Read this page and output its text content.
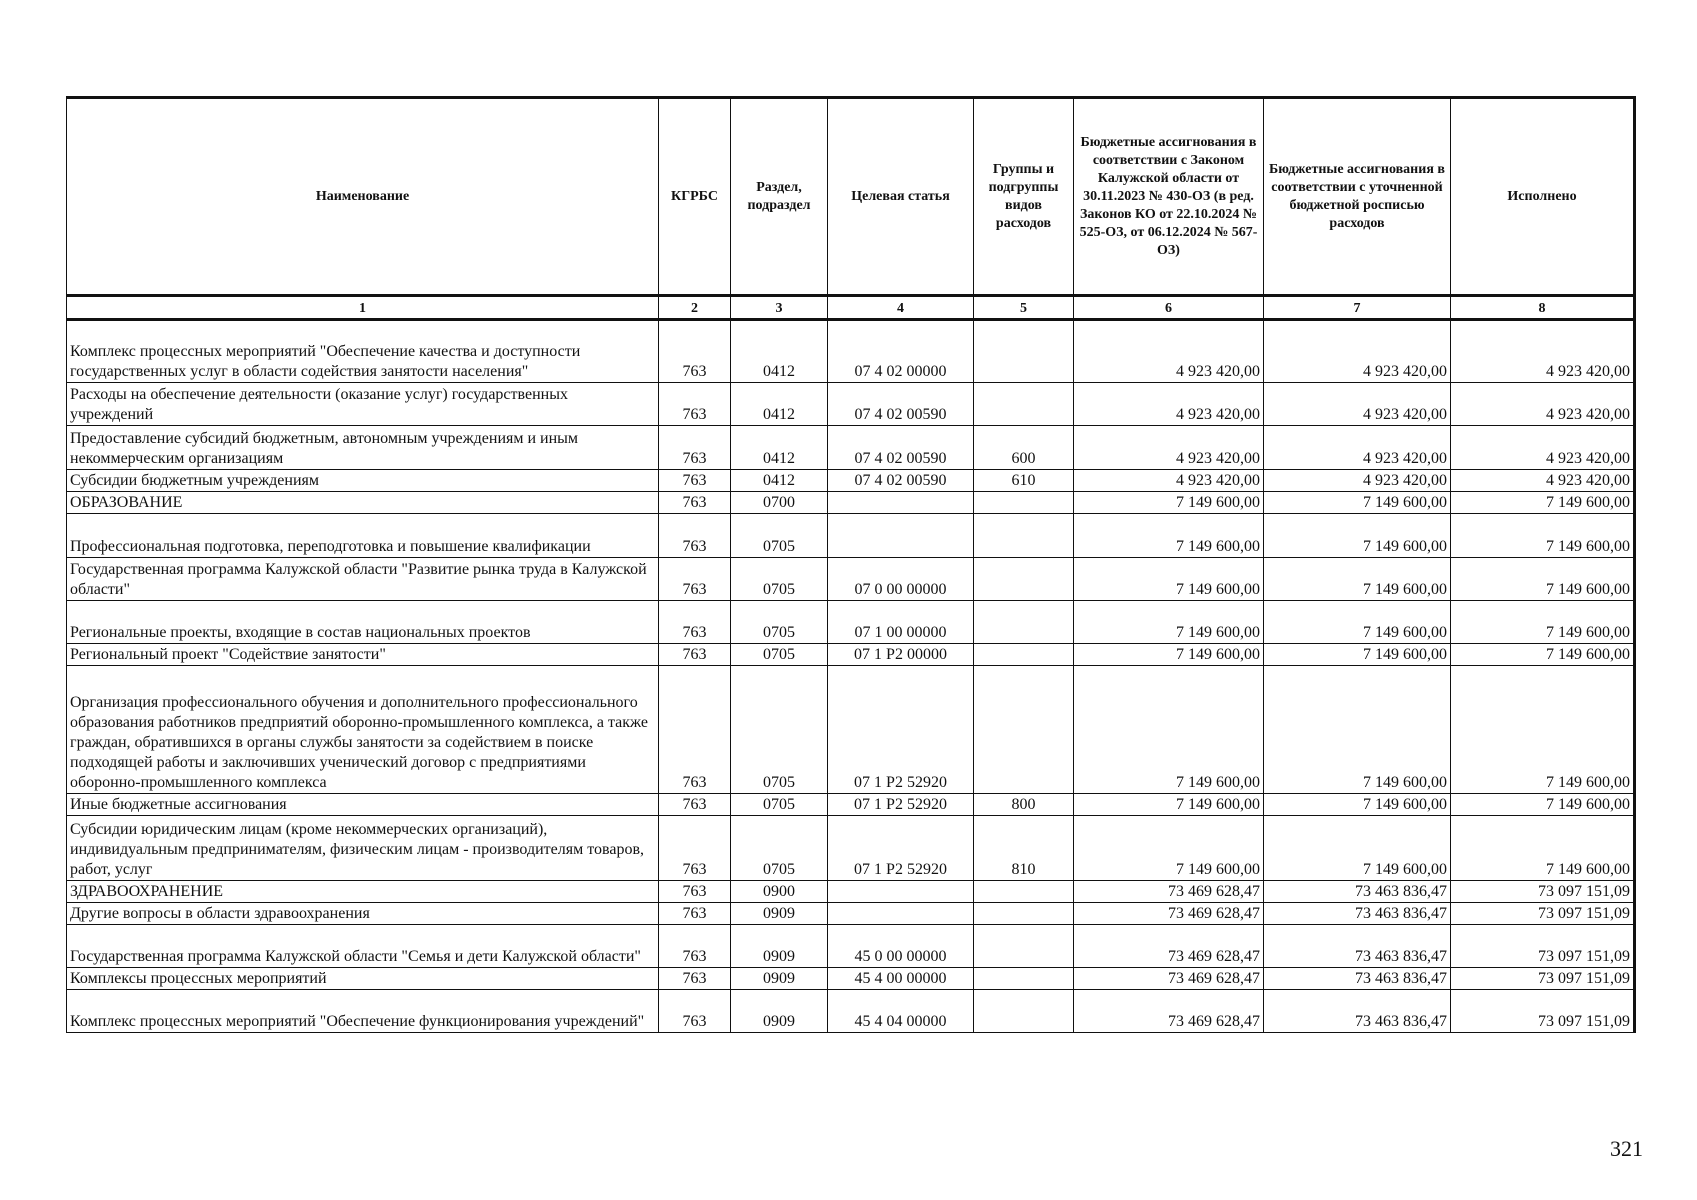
Наименование	КГРБС	Раздел, подраздел	Целевая статья	Группы и подгруппы видов расходов	Бюджетные ассигнования в соответствии с Законом Калужской области от 30.11.2023 № 430-ОЗ (в ред. Законов КО от 22.10.2024 № 525-ОЗ, от 06.12.2024 № 567-ОЗ)	Бюджетные ассигнования в соответствии с уточненной бюджетной росписью расходов	Исполнено
1	2	3	4	5	6	7	8
Комплекс процессных мероприятий "Обеспечение качества и доступности государственных услуг в области содействия занятости населения"	763	0412	07 4 02 00000		4 923 420,00	4 923 420,00	4 923 420,00
Расходы на обеспечение деятельности (оказание услуг) государственных учреждений	763	0412	07 4 02 00590		4 923 420,00	4 923 420,00	4 923 420,00
Предоставление субсидий бюджетным, автономным учреждениям и иным некоммерческим организациям	763	0412	07 4 02 00590	600	4 923 420,00	4 923 420,00	4 923 420,00
Субсидии бюджетным учреждениям	763	0412	07 4 02 00590	610	4 923 420,00	4 923 420,00	4 923 420,00
ОБРАЗОВАНИЕ	763	0700			7 149 600,00	7 149 600,00	7 149 600,00
Профессиональная подготовка, переподготовка и повышение квалификации	763	0705			7 149 600,00	7 149 600,00	7 149 600,00
Государственная программа Калужской области "Развитие рынка труда в Калужской области"	763	0705	07 0 00 00000		7 149 600,00	7 149 600,00	7 149 600,00
Региональные проекты, входящие в состав национальных проектов	763	0705	07 1 00 00000		7 149 600,00	7 149 600,00	7 149 600,00
Региональный проект "Содействие занятости"	763	0705	07 1 Р2 00000		7 149 600,00	7 149 600,00	7 149 600,00
Организация профессионального обучения и дополнительного профессионального образования работников предприятий оборонно-промышленного комплекса, а также граждан, обратившихся в органы службы занятости за содействием в поиске подходящей работы и заключивших ученический договор с предприятиями оборонно-промышленного комплекса	763	0705	07 1 Р2 52920		7 149 600,00	7 149 600,00	7 149 600,00
Иные бюджетные ассигнования	763	0705	07 1 Р2 52920	800	7 149 600,00	7 149 600,00	7 149 600,00
Субсидии юридическим лицам (кроме некоммерческих организаций), индивидуальным предпринимателям, физическим лицам - производителям товаров, работ, услуг	763	0705	07 1 Р2 52920	810	7 149 600,00	7 149 600,00	7 149 600,00
ЗДРАВООХРАНЕНИЕ	763	0900			73 469 628,47	73 463 836,47	73 097 151,09
Другие вопросы в области здравоохранения	763	0909			73 469 628,47	73 463 836,47	73 097 151,09
Государственная программа Калужской области "Семья и дети Калужской области"	763	0909	45 0 00 00000		73 469 628,47	73 463 836,47	73 097 151,09
Комплексы процессных мероприятий	763	0909	45 4 00 00000		73 469 628,47	73 463 836,47	73 097 151,09
Комплекс процессных мероприятий "Обеспечение функционирования учреждений"	763	0909	45 4 04 00000		73 469 628,47	73 463 836,47	73 097 151,09
321
